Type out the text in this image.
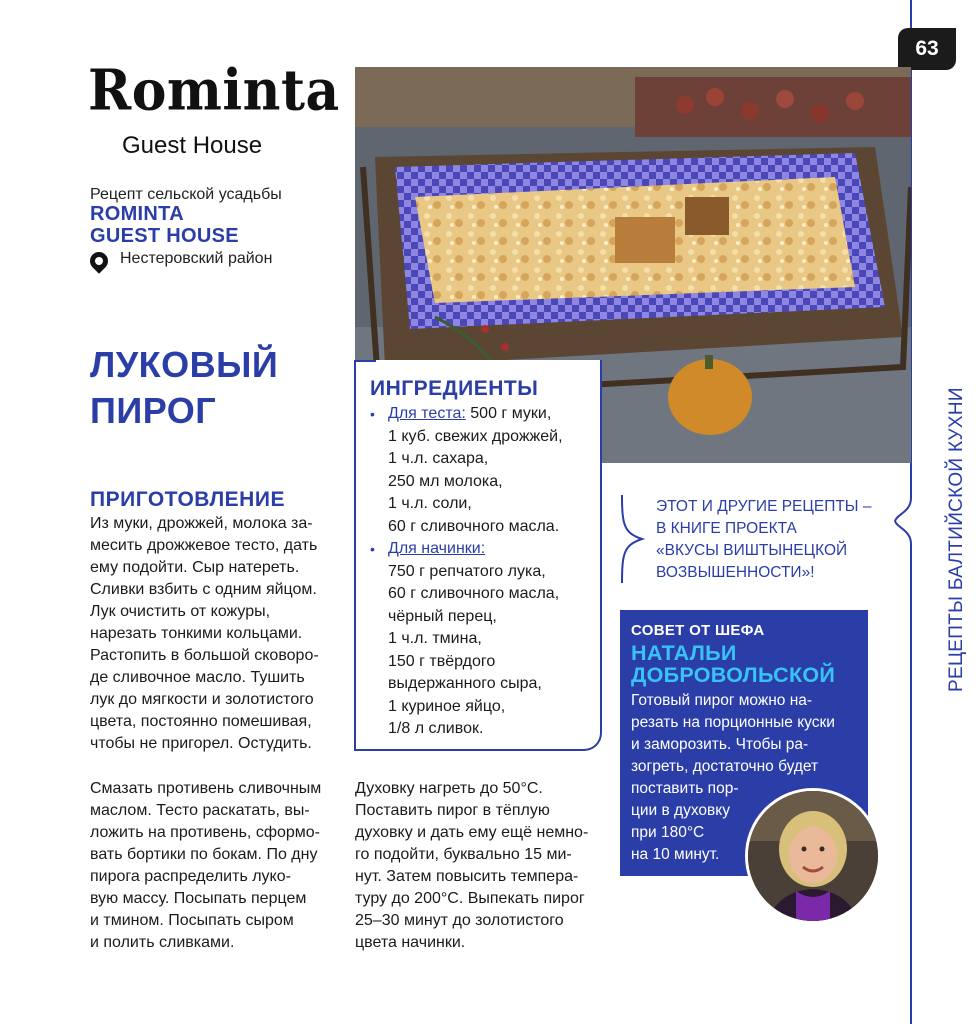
63
РЕЦЕПТЫ БАЛТИЙСКОЙ КУХНИ
Rominta
Guest House
Рецепт сельской усадьбы
ROMINTA
GUEST HOUSE
Нестеровский район
ЛУКОВЫЙ
ПИРОГ
ПРИГОТОВЛЕНИЕ
Из муки, дрожжей, молока за-
месить дрожжевое тесто, дать
ему подойти. Сыр натереть.
Сливки взбить с одним яйцом.
Лук очистить от кожуры,
нарезать тонкими кольцами.
Растопить в большой сковоро-
де сливочное масло. Тушить
лук до мягкости и золотистого
цвета, постоянно помешивая,
чтобы не пригорел. Остудить.
Смазать противень сливочным
маслом. Тесто раскатать, вы-
ложить на противень, сформо-
вать бортики по бокам. По дну
пирога распределить луко-
вую массу. Посыпать перцем
и тмином. Посыпать сыром
и полить сливками.
Духовку нагреть до 50°С.
Поставить пирог в тёплую
духовку и дать ему ещё немно-
го подойти, буквально 15 ми-
нут. Затем повысить темпера-
туру до 200°С. Выпекать пирог
25–30 минут до золотистого
цвета начинки.
ИНГРЕДИЕНТЫ
• Для теста: 500 г муки,
1 куб. свежих дрожжей,
1 ч.л. сахара,
250 мл молока,
1 ч.л. соли,
60 г сливочного масла.
• Для начинки:
750 г репчатого лука,
60 г сливочного масла,
чёрный перец,
1 ч.л. тмина,
150 г твёрдого
выдержанного сыра,
1 куриное яйцо,
1/8 л сливок.
ЭТОТ И ДРУГИЕ РЕЦЕПТЫ –
В КНИГЕ ПРОЕКТА
«ВКУСЫ ВИШТЫНЕЦКОЙ
ВОЗВЫШЕННОСТИ»!
СОВЕТ ОТ ШЕФА
НАТАЛЬИ
ДОБРОВОЛЬСКОЙ
Готовый пирог можно на-
резать на порционные куски
и заморозить. Чтобы ра-
зогреть, достаточно будет
поставить пор-
ции в духовку
при 180°С
на 10 минут.
